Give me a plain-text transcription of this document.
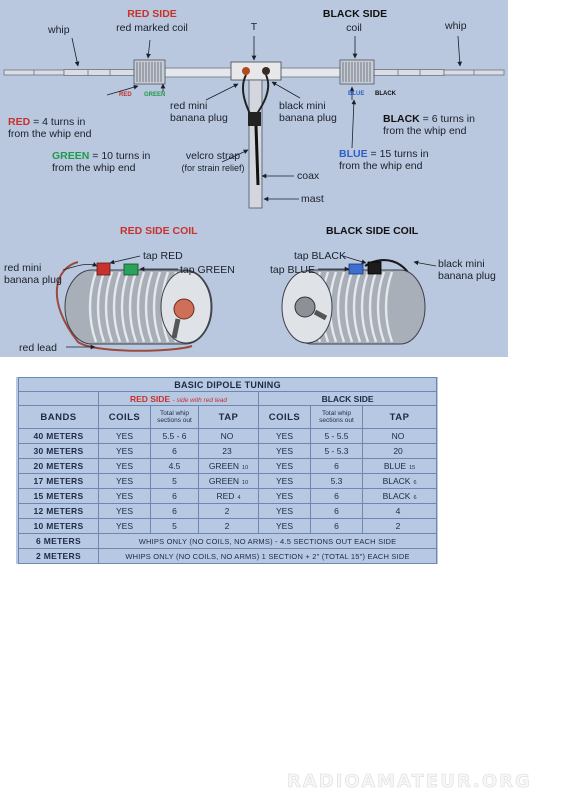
RED SIDE
red marked coil	T
BLACK SIDE
coil
whip	whip
RED GREEN	BLUE BLACK
red mini
banana plug
black mini
banana plug
RED = 4 turns in
from the whip end
GREEN = 10 turns in
from the whip end
BLACK = 6 turns in
from the whip end
BLUE = 15 turns in
from the whip end
velcro strap
(for strain relief)
coax
mast
RED SIDE COIL
tap RED
tap GREEN
red mini
banana plug
red lead
BLACK SIDE COIL
tap BLACK
tap BLUE	black mini
banana plug
BASIC DIPOLE TUNING						
	RED SIDE - side with red lead			BLACK SIDE		
BANDS	COILS	Total whip sections out	TAP	COILS	Total whip sections out	TAP
40 METERS	YES	5.5 - 6	NO	YES	5 - 5.5	NO
30 METERS	YES	6	23	YES	5 - 5.3	20
20 METERS	YES	4.5	GREEN 10	YES	6	BLUE 15
17 METERS	YES	5	GREEN 10	YES	5.3	BLACK 6
15 METERS	YES	6	RED 4	YES	6	BLACK 6
12 METERS	YES	6	2	YES	6	4
10 METERS	YES	5	2	YES	6	2
6 METERS	WHIPS ONLY (NO COILS, NO ARMS) - 4.5 SECTIONS OUT EACH SIDE					
2 METERS	WHIPS ONLY (NO COILS, NO ARMS) 1 SECTION + 2" (TOTAL 15") EACH SIDE					
RADIOAMATEUR.ORG
